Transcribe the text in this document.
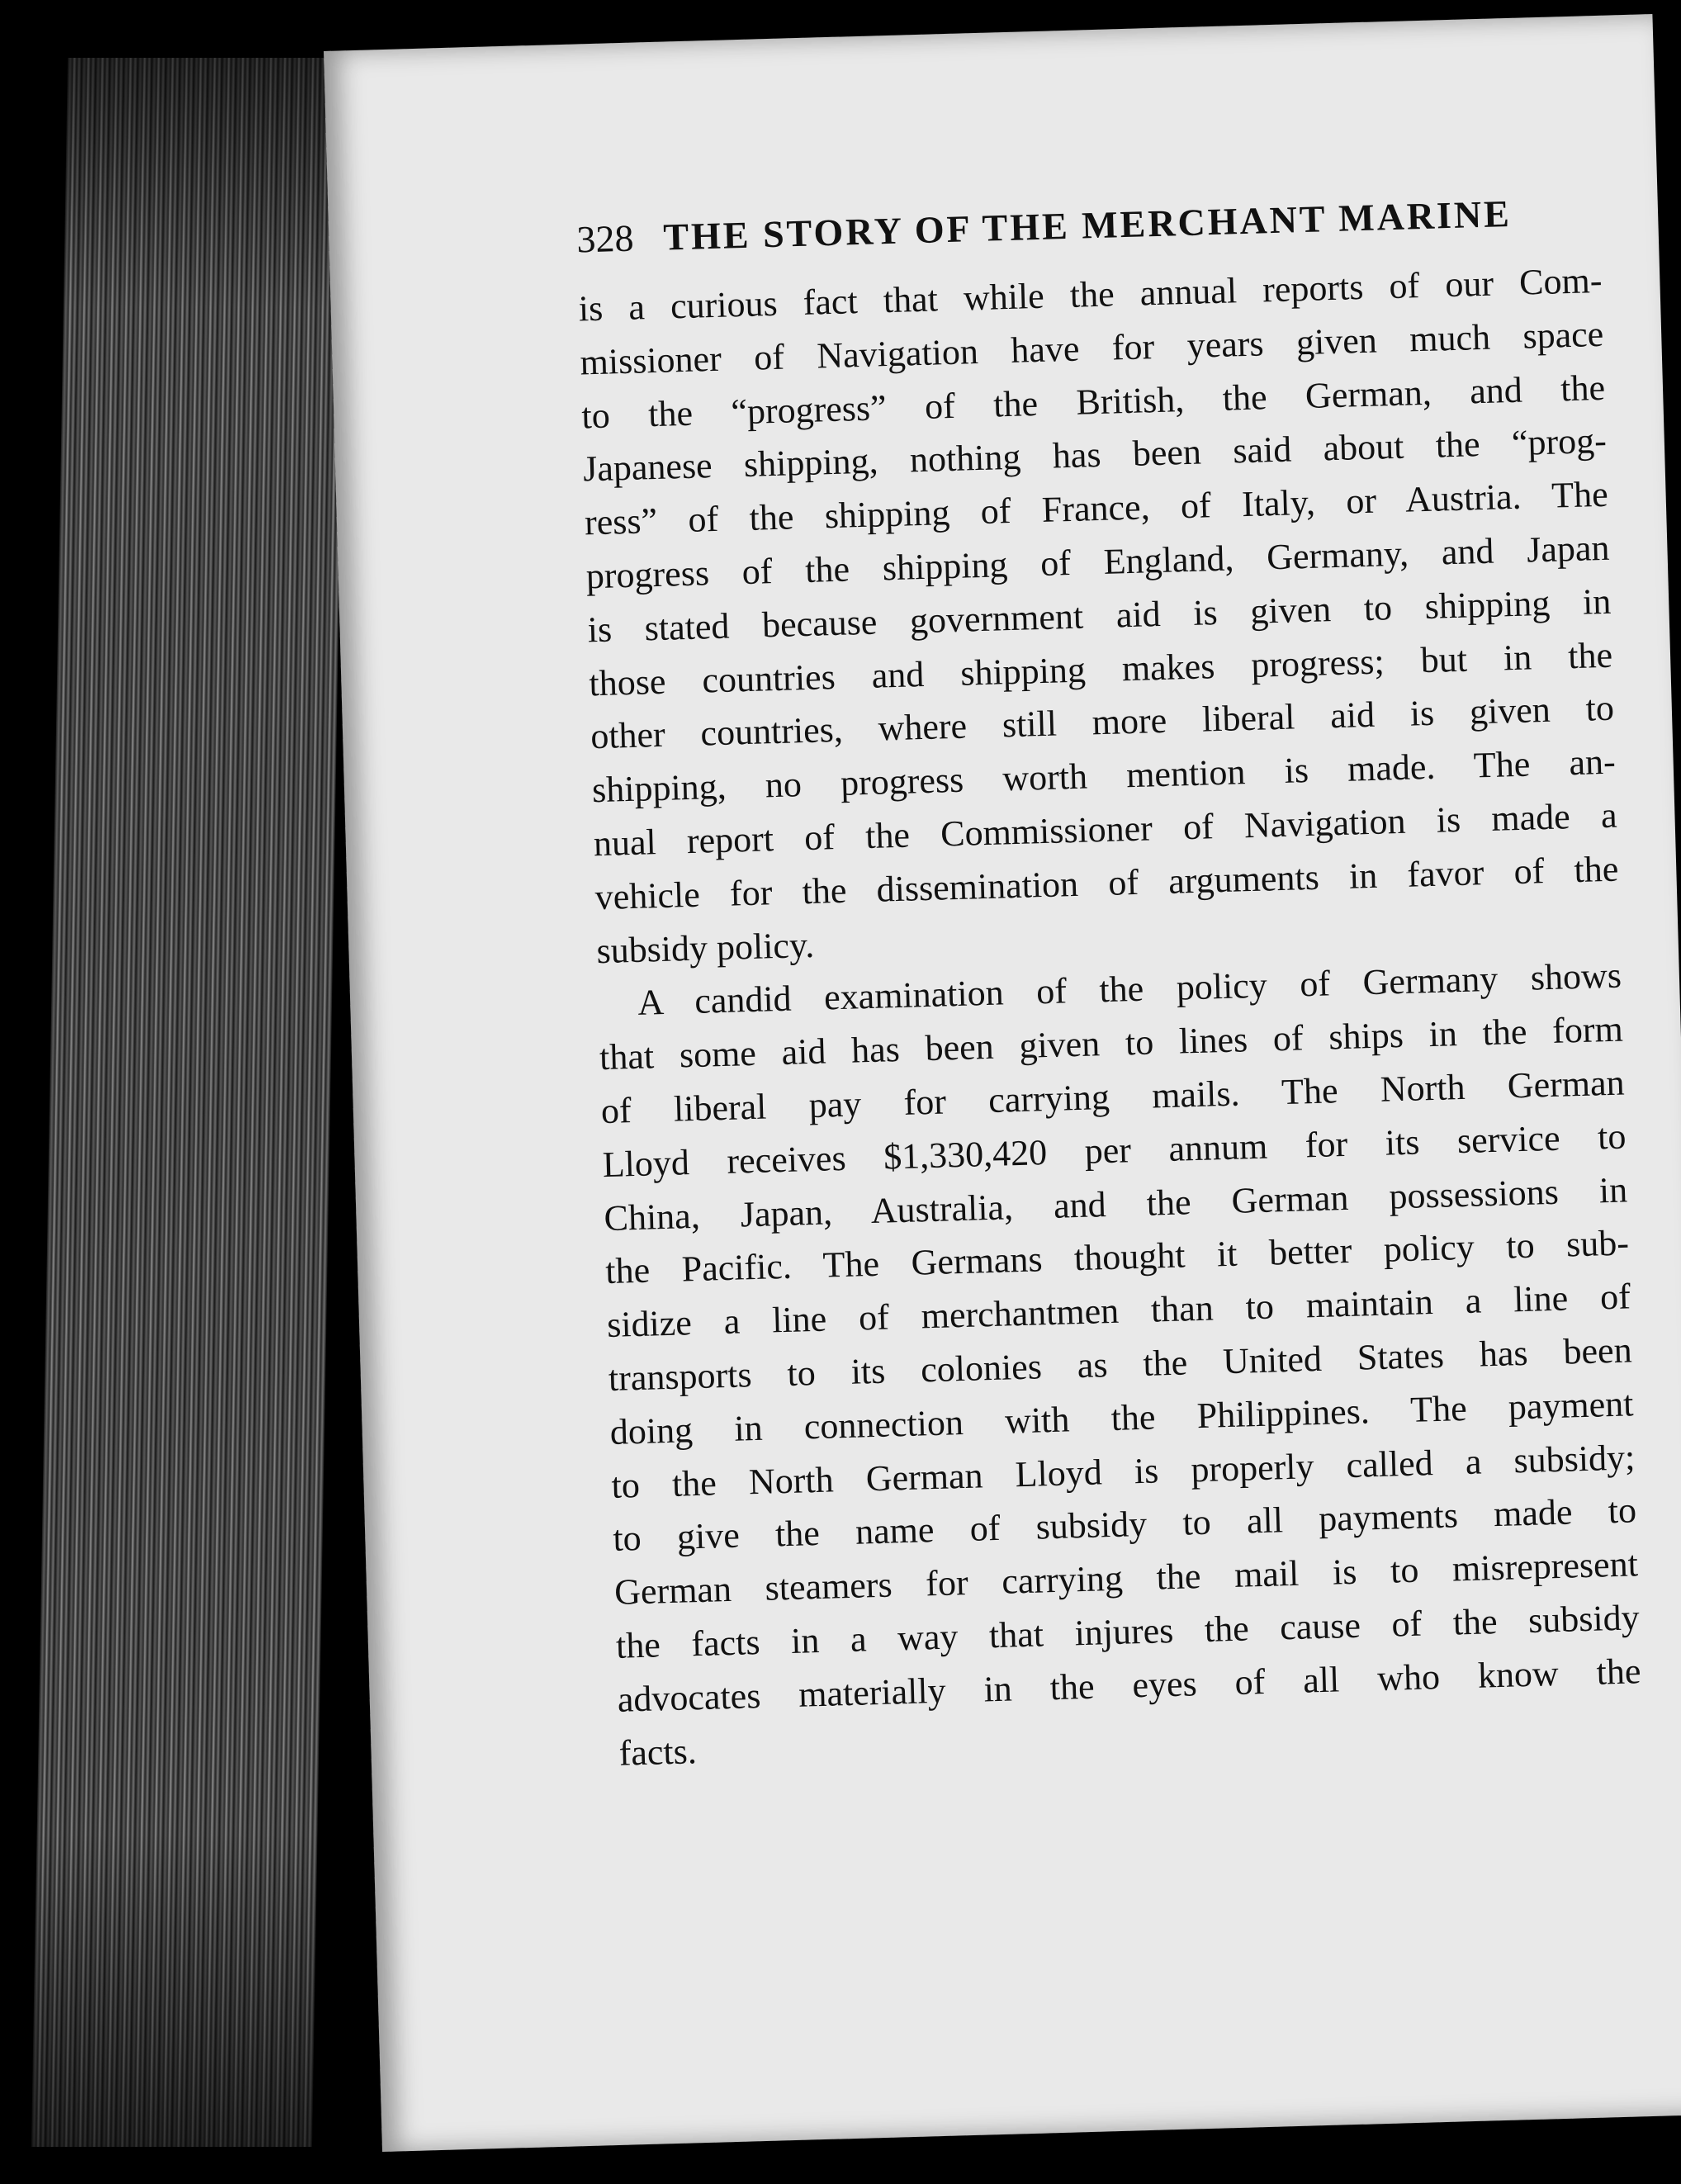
328 THE STORY OF THE MERCHANT MARINE

is a curious fact that while the annual reports of our Com-
missioner of Navigation have for years given much space
to the “progress” of the British, the German, and the
Japanese shipping, nothing has been said about the “prog-
ress” of the shipping of France, of Italy, or Austria. The
progress of the shipping of England, Germany, and Japan
is stated because government aid is given to shipping in
those countries and shipping makes progress; but in the
other countries, where still more liberal aid is given to
shipping, no progress worth mention is made. The an-
nual report of the Commissioner of Navigation is made a
vehicle for the dissemination of arguments in favor of the
subsidy policy.

A candid examination of the policy of Germany shows
that some aid has been given to lines of ships in the form
of liberal pay for carrying mails. The North German
Lloyd receives $1,330,420 per annum for its service to
China, Japan, Australia, and the German possessions in
the Pacific. The Germans thought it better policy to sub-
sidize a line of merchantmen than to maintain a line of
transports to its colonies as the United States has been
doing in connection with the Philippines. The payment
to the North German Lloyd is properly called a subsidy;
to give the name of subsidy to all payments made to
German steamers for carrying the mail is to misrepresent
the facts in a way that injures the cause of the subsidy
advocates materially in the eyes of all who know the
facts.
